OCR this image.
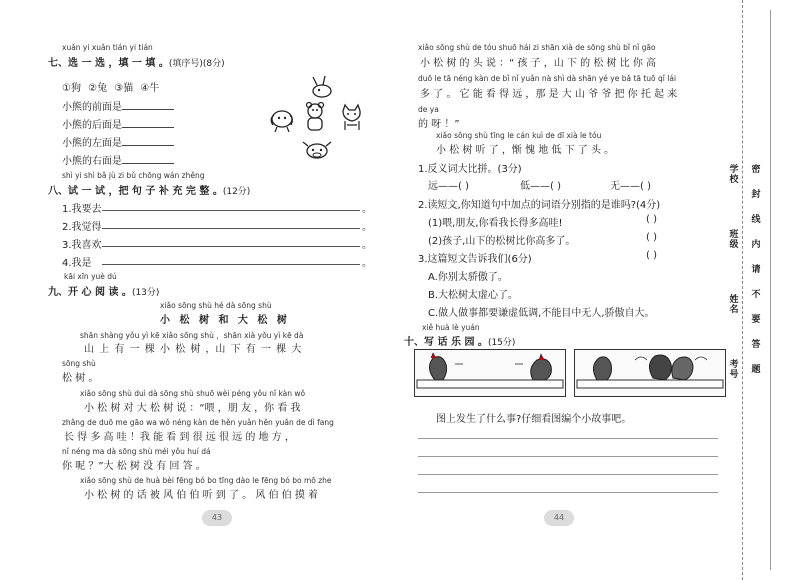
xuǎn yi xuǎn tián yi tián
七、选 一 选 ，填 一 填 。(填序号)(8分)
①狗 ②兔 ③猫 ④牛
小熊的前面是
小熊的后面是
小熊的左面是
小熊的右面是
shì yi shì bǎ jù zi bǔ chōng wán zhěng
八、试 一 试 ，把 句 子 补 充 完 整 。(12分)
1.我要去	。
2.我觉得	。
3.我喜欢	。
4.我是	。
kāi xīn yuè dú
九、开 心 阅 读 。(13分)
xiǎo sōng shù hé dà sōng shù
小 松 树 和 大 松 树
shān shàng yǒu yì kē xiǎo sōng shù ，shān xià yǒu yì kē dà
山 上 有 一 棵 小 松 树 ，山 下 有 一 棵 大
sōng shù
松 树 。
xiǎo sōng shù duì dà sōng shù shuō wèi péng yǒu nǐ kàn wǒ
小 松 树 对 大 松 树 说 ：“喂 ，朋 友 ，你 看 我
zhǎng de duō me gāo wa wǒ néng kàn de hěn yuǎn hěn yuǎn de dì fang
长 得 多 高 哇 ！我 能 看 到 很 远 很 远 的 地 方 ，
nǐ néng ma dà sōng shù méi yǒu huí dá
你 呢 ？”大 松 树 没 有 回 答 。
xiǎo sōng shù de huà bèi fēng bó bo tīng dào le fēng bó bo mō zhe
小 松 树 的 话 被 风 伯 伯 听 到 了 。 风 伯 伯 摸 着
43
xiǎo sōng shù de tóu shuō hái zi shān xià de sōng shù bǐ nǐ gāo
小 松 树 的 头 说 ：“ 孩 子 ，山 下 的 松 树 比 你 高
duō le tā néng kàn de bǐ nǐ yuǎn nà shì dà shān yé ye bǎ tā tuō qǐ lái
多 了 。 它 能 看 得 远 ，那 是 大 山 爷 爷 把 你 托 起 来
de ya
的 呀 ！”
xiǎo sōng shù tīng le cán kuì de dī xià le tóu
小 松 树 听 了 ，惭 愧 地 低 下 了 头 。
1.反义词大比拼。(3分)
远——( )	低——( )	无——( )
2.读短文,你知道句中加点的词语分别指的是谁吗?(4分)
(1)喂,朋友,你看我长得多高哇!	( )
(2)孩子,山下的松树比你高多了。	( )
3.这篇短文告诉我们(6分)	( )
A.你别太骄傲了。
B.大松树太虚心了。
C.做人做事都要谦虚低调,不能目中无人,骄傲自大。
xiě huà lè yuán
十、写 话 乐 园 。(15分)
图上发生了什么事?仔细看图编个小故事吧。
44
学校
班级
姓名
考号
密
封
线
内
请
不
要
答
题
